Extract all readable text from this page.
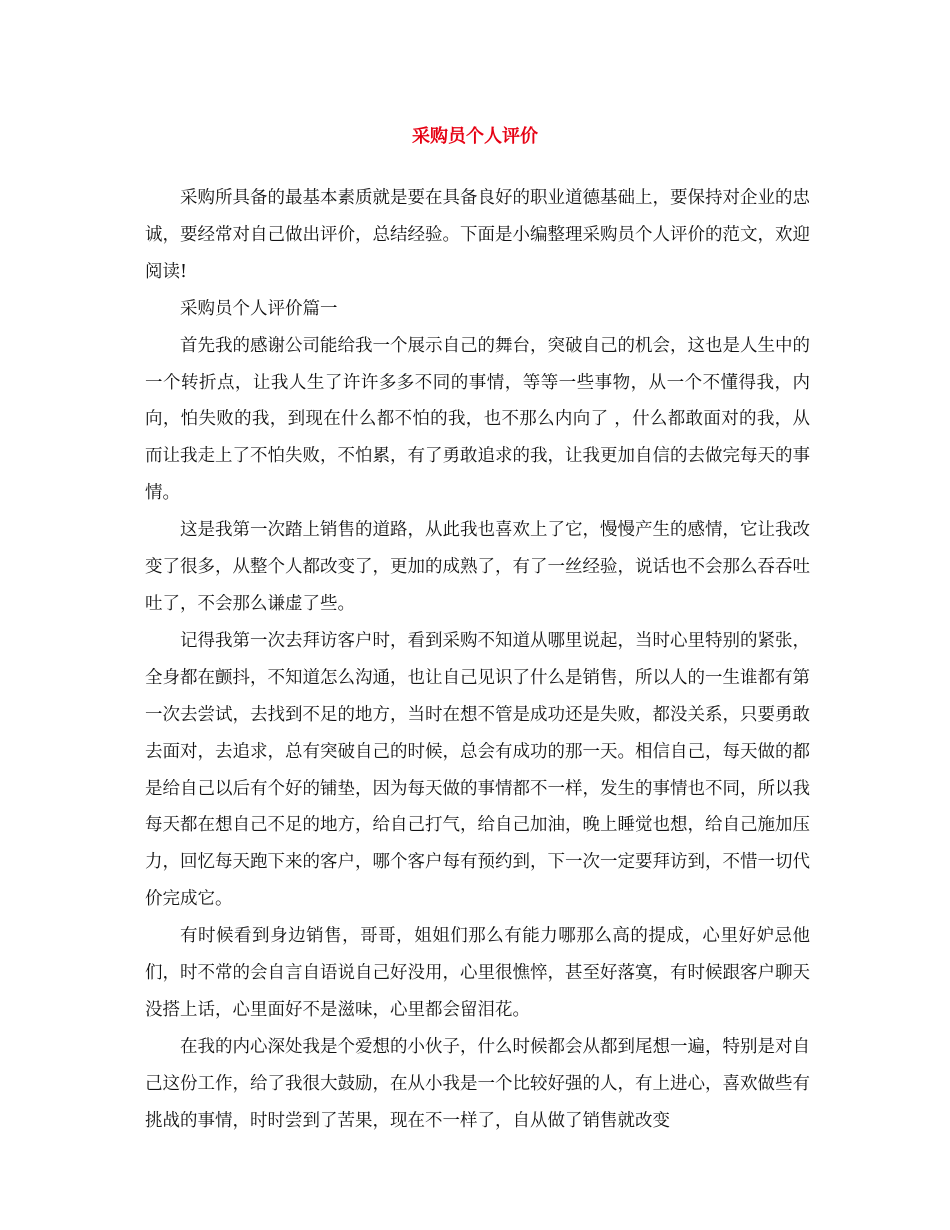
采购员个人评价

采购所具备的最基本素质就是要在具备良好的职业道德基础上，要保持对企业的忠诚，要经常对自己做出评价，总结经验。下面是小编整理采购员个人评价的范文，欢迎阅读!

采购员个人评价篇一

首先我的感谢公司能给我一个展示自己的舞台，突破自己的机会，这也是人生中的一个转折点，让我人生了许许多多不同的事情，等等一些事物，从一个不懂得我，内向，怕失败的我，到现在什么都不怕的我，也不那么内向了 ，什么都敢面对的我，从而让我走上了不怕失败，不怕累，有了勇敢追求的我，让我更加自信的去做完每天的事情。

这是我第一次踏上销售的道路，从此我也喜欢上了它，慢慢产生的感情，它让我改变了很多，从整个人都改变了，更加的成熟了，有了一丝经验，说话也不会那么吞吞吐吐了，不会那么谦虚了些。

记得我第一次去拜访客户时，看到采购不知道从哪里说起，当时心里特别的紧张，全身都在颤抖，不知道怎么沟通，也让自己见识了什么是销售，所以人的一生谁都有第一次去尝试，去找到不足的地方，当时在想不管是成功还是失败，都没关系，只要勇敢去面对，去追求，总有突破自己的时候，总会有成功的那一天。相信自己，每天做的都是给自己以后有个好的铺垫，因为每天做的事情都不一样，发生的事情也不同，所以我每天都在想自己不足的地方，给自己打气，给自己加油，晚上睡觉也想，给自己施加压力，回忆每天跑下来的客户，哪个客户每有预约到，下一次一定要拜访到，不惜一切代价完成它。

有时候看到身边销售，哥哥，姐姐们那么有能力哪那么高的提成，心里好妒忌他们，时不常的会自言自语说自己好没用，心里很憔悴，甚至好落寞，有时候跟客户聊天没搭上话，心里面好不是滋味，心里都会留泪花。

在我的内心深处我是个爱想的小伙子，什么时候都会从都到尾想一遍，特别是对自己这份工作，给了我很大鼓励，在从小我是一个比较好强的人，有上进心，喜欢做些有挑战的事情，时时尝到了苦果，现在不一样了，自从做了销售就改变
